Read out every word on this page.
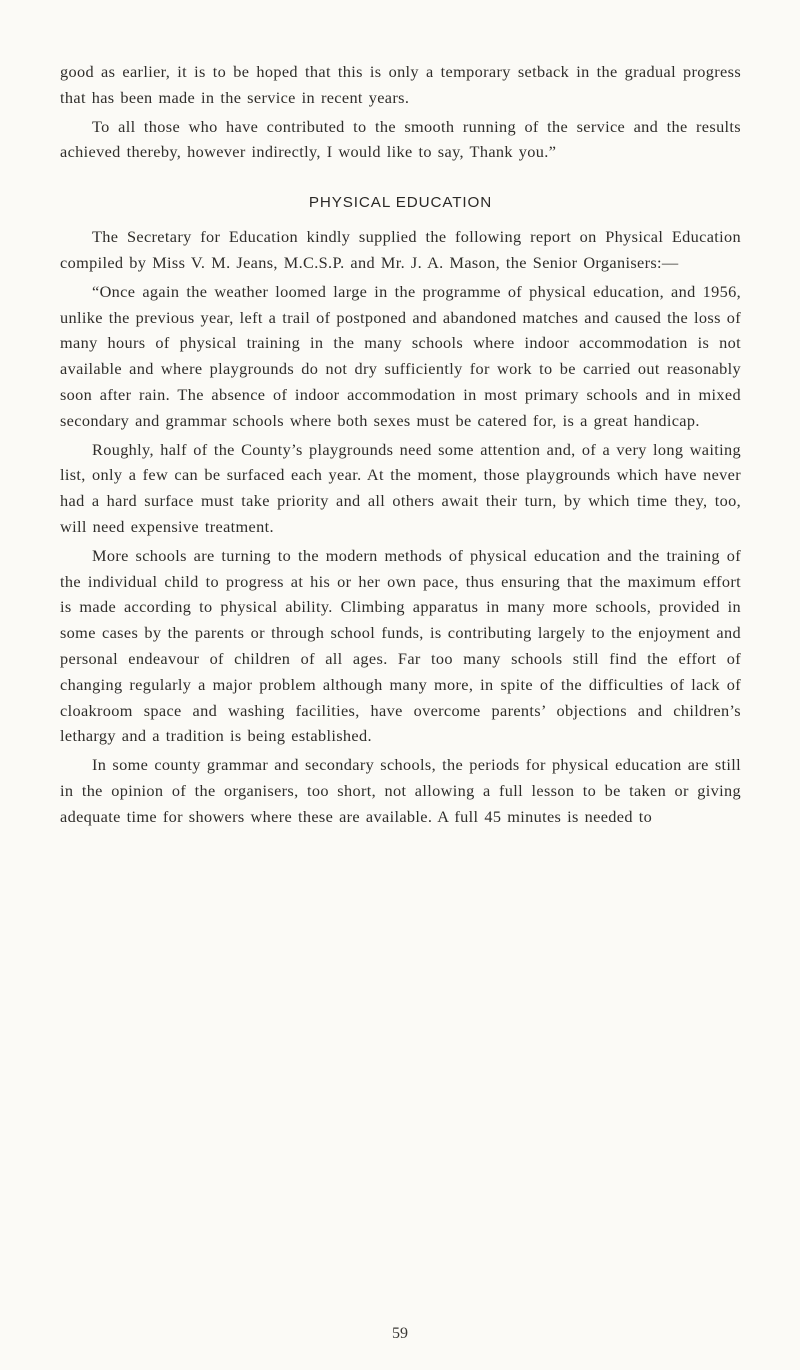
good as earlier, it is to be hoped that this is only a temporary setback in the gradual progress that has been made in the service in recent years.

To all those who have contributed to the smooth running of the service and the results achieved thereby, however indirectly, I would like to say, Thank you.”

PHYSICAL EDUCATION

The Secretary for Education kindly supplied the following report on Physical Education compiled by Miss V. M. Jeans, M.C.S.P. and Mr. J. A. Mason, the Senior Organisers:—

“Once again the weather loomed large in the programme of physical education, and 1956, unlike the previous year, left a trail of postponed and abandoned matches and caused the loss of many hours of physical training in the many schools where indoor accommodation is not available and where playgrounds do not dry sufficiently for work to be carried out reasonably soon after rain. The absence of indoor accommodation in most primary schools and in mixed secondary and grammar schools where both sexes must be catered for, is a great handicap.

Roughly, half of the County’s playgrounds need some attention and, of a very long waiting list, only a few can be surfaced each year. At the moment, those playgrounds which have never had a hard surface must take priority and all others await their turn, by which time they, too, will need expensive treatment.

More schools are turning to the modern methods of physical education and the training of the individual child to progress at his or her own pace, thus ensuring that the maximum effort is made according to physical ability. Climbing apparatus in many more schools, provided in some cases by the parents or through school funds, is contributing largely to the enjoyment and personal endeavour of children of all ages. Far too many schools still find the effort of changing regularly a major problem although many more, in spite of the difficulties of lack of cloakroom space and washing facilities, have overcome parents’ objections and children’s lethargy and a tradition is being established.

In some county grammar and secondary schools, the periods for physical education are still in the opinion of the organisers, too short, not allowing a full lesson to be taken or giving adequate time for showers where these are available. A full 45 minutes is needed to

59
